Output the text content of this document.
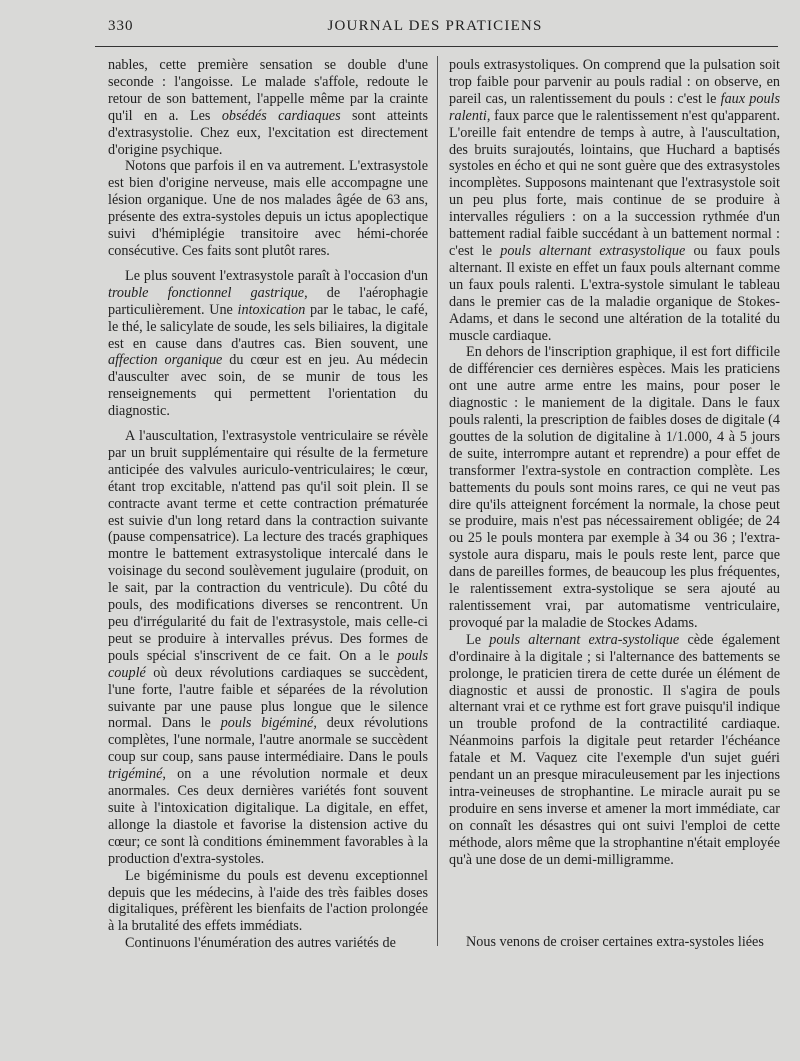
330	JOURNAL DES PRATICIENS

nables, cette première sensation se double d'une seconde : l'angoisse. Le malade s'affole, redoute le retour de son battement, l'appelle même par la crainte qu'il en a. Les obsédés cardiaques sont atteints d'extrasystolie. Chez eux, l'excitation est directement d'origine psychique.

Notons que parfois il en va autrement. L'extrasystole est bien d'origine nerveuse, mais elle accompagne une lésion organique. Une de nos malades âgée de 63 ans, présente des extra-systoles depuis un ictus apoplectique suivi d'hémiplégie transitoire avec hémi-chorée consécutive. Ces faits sont plutôt rares.

Le plus souvent l'extrasystole paraît à l'occasion d'un trouble fonctionnel gastrique, de l'aérophagie particulièrement. Une intoxication par le tabac, le café, le thé, le salicylate de soude, les sels biliaires, la digitale est en cause dans d'autres cas. Bien souvent, une affection organique du cœur est en jeu. Au médecin d'ausculter avec soin, de se munir de tous les renseignements qui permettent l'orientation du diagnostic.

A l'auscultation, l'extrasystole ventriculaire se révèle par un bruit supplémentaire qui résulte de la fermeture anticipée des valvules auriculo-ventriculaires; le cœur, étant trop excitable, n'attend pas qu'il soit plein. Il se contracte avant terme et cette contraction prématurée est suivie d'un long retard dans la contraction suivante (pause compensatrice). La lecture des tracés graphiques montre le battement extrasystolique intercalé dans le voisinage du second soulèvement jugulaire (produit, on le sait, par la contraction du ventricule). Du côté du pouls, des modifications diverses se rencontrent. Un peu d'irrégularité du fait de l'extrasystole, mais celle-ci peut se produire à intervalles prévus. Des formes de pouls spécial s'inscrivent de ce fait. On a le pouls couplé où deux révolutions cardiaques se succèdent, l'une forte, l'autre faible et séparées de la révolution suivante par une pause plus longue que le silence normal. Dans le pouls bigéminé, deux révolutions complètes, l'une normale, l'autre anormale se succèdent coup sur coup, sans pause intermédiaire. Dans le pouls trigéminé, on a une révolution normale et deux anormales. Ces deux dernières variétés font souvent suite à l'intoxication digitalique. La digitale, en effet, allonge la diastole et favorise la distension active du cœur; ce sont là conditions éminemment favorables à la production d'extra-systoles.

Le bigéminisme du pouls est devenu exceptionnel depuis que les médecins, à l'aide des très faibles doses digitaliques, préfèrent les bienfaits de l'action prolongée à la brutalité des effets immédiats.

Continuons l'énumération des autres variétés de

pouls extrasystoliques. On comprend que la pulsation soit trop faible pour parvenir au pouls radial : on observe, en pareil cas, un ralentissement du pouls : c'est le faux pouls ralenti, faux parce que le ralentissement n'est qu'apparent. L'oreille fait entendre de temps à autre, à l'auscultation, des bruits surajoutés, lointains, que Huchard a baptisés systoles en écho et qui ne sont guère que des extrasystoles incomplètes. Supposons maintenant que l'extrasystole soit un peu plus forte, mais continue de se produire à intervalles réguliers : on a la succession rythmée d'un battement radial faible succédant à un battement normal : c'est le pouls alternant extrasystolique ou faux pouls alternant. Il existe en effet un faux pouls alternant comme un faux pouls ralenti. L'extra-systole simulant le tableau dans le premier cas de la maladie organique de Stokes-Adams, et dans le second une altération de la totalité du muscle cardiaque.

En dehors de l'inscription graphique, il est fort difficile de différencier ces dernières espèces. Mais les praticiens ont une autre arme entre les mains, pour poser le diagnostic : le maniement de la digitale. Dans le faux pouls ralenti, la prescription de faibles doses de digitale (4 gouttes de la solution de digitaline à 1/1.000, 4 à 5 jours de suite, interrompre autant et reprendre) a pour effet de transformer l'extra-systole en contraction complète. Les battements du pouls sont moins rares, ce qui ne veut pas dire qu'ils atteignent forcément la normale, la chose peut se produire, mais n'est pas nécessairement obligée; de 24 ou 25 le pouls montera par exemple à 34 ou 36 ; l'extra-systole aura disparu, mais le pouls reste lent, parce que dans de pareilles formes, de beaucoup les plus fréquentes, le ralentissement extra-systolique se sera ajouté au ralentissement vrai, par automatisme ventriculaire, provoqué par la maladie de Stockes Adams.

Le pouls alternant extra-systolique cède également d'ordinaire à la digitale ; si l'alternance des battements se prolonge, le praticien tirera de cette durée un élément de diagnostic et aussi de pronostic. Il s'agira de pouls alternant vrai et ce rythme est fort grave puisqu'il indique un trouble profond de la contractilité cardiaque. Néanmoins parfois la digitale peut retarder l'échéance fatale et M. Vaquez cite l'exemple d'un sujet guéri pendant un an presque miraculeusement par les injections intra-veineuses de strophantine. Le miracle aurait pu se produire en sens inverse et amener la mort immédiate, car on connaît les désastres qui ont suivi l'emploi de cette méthode, alors même que la strophantine n'était employée qu'à une dose de un demi-milligramme.

Nous venons de croiser certaines extra-systoles liées
